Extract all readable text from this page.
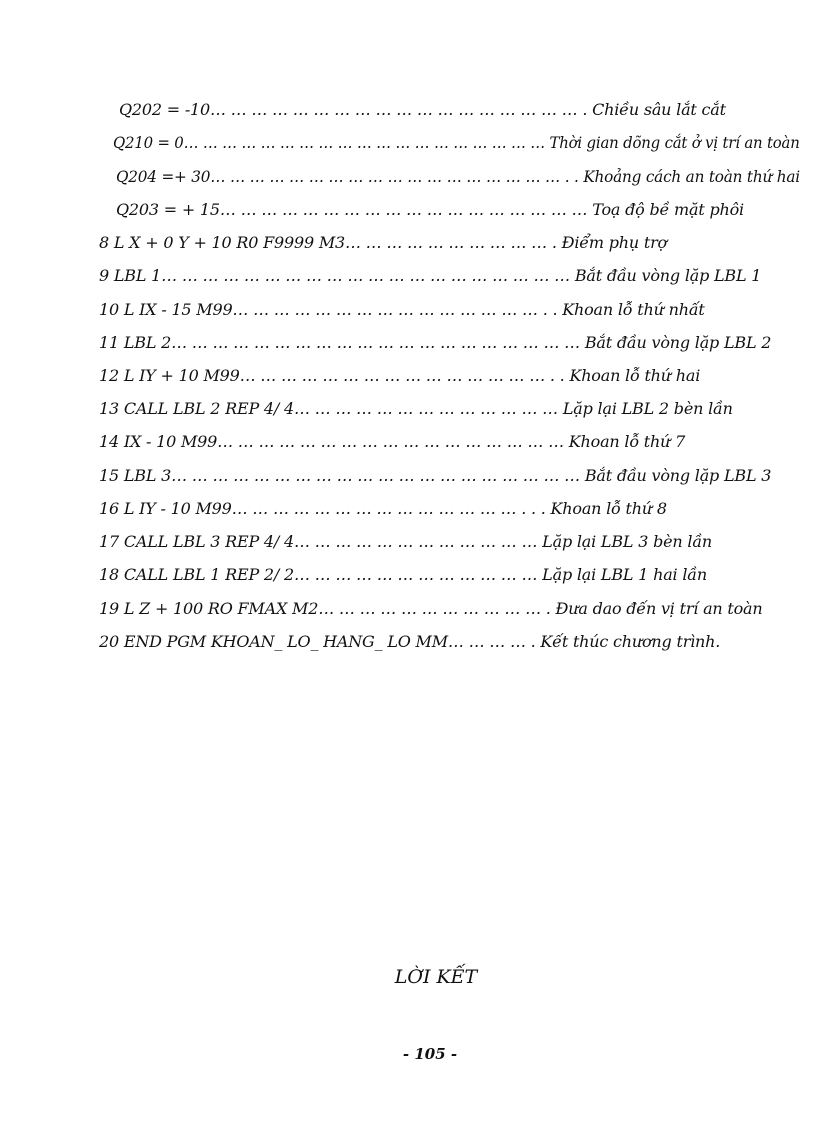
Q202 = -10… … … … … … … … … … … … … … … … … … . Chiều sâu lắt cắt
Q210 = 0… … … … … … … … … … … … … … … … … … … Thời gian dõng cắt ở vị trí an toàn
Q204 =+ 30… … … … … … … … … … … … … … … … … … . . Khoảng cách an toàn thứ hai
Q203 = + 15… … … … … … … … … … … … … … … … … … Toạ độ bề mặt phôi
8 L X + 0 Y + 10 R0 F9999 M3… … … … … … … … … … . Điểm phụ trợ
9 LBL 1… … … … … … … … … … … … … … … … … … … … Bắt đầu vòng lặp LBL 1
10 L IX - 15 M99… … … … … … … … … … … … … … … . . Khoan lỗ thứ nhất
11 LBL 2… … … … … … … … … … … … … … … … … … … … Bắt đầu vòng lặp LBL 2
12 L IY + 10 M99… … … … … … … … … … … … … … … . . Khoan lỗ thứ hai
13 CALL LBL 2 REP 4/ 4… … … … … … … … … … … … … Lặp lại LBL 2 bèn lần
14 IX - 10 M99… … … … … … … … … … … … … … … … … Khoan lỗ thứ 7
15 LBL 3… … … … … … … … … … … … … … … … … … … … Bắt đầu vòng lặp LBL 3
16 L IY - 10 M99… … … … … … … … … … … … … … . . . Khoan lỗ thứ 8
17 CALL LBL 3 REP 4/ 4… … … … … … … … … … … … Lặp lại LBL 3 bèn lần
18 CALL LBL 1 REP 2/ 2… … … … … … … … … … … … Lặp lại LBL 1 hai lần
19 L Z + 100 RO FMAX M2… … … … … … … … … … … . Đưa dao đến vị trí an toàn
20 END PGM KHOAN_ LO_ HANG_ LO MM… … … … . Kết thúc chương trình.
LỜI KẾT
- 105 -
